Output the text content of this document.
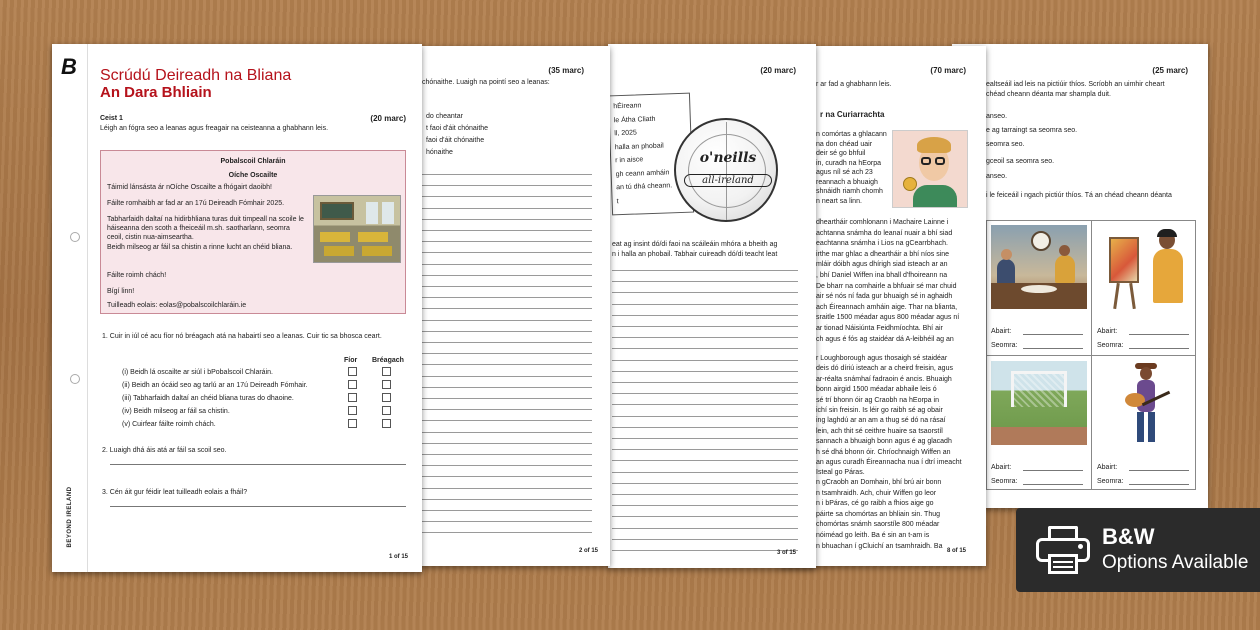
(25 marc)
ealtseáil iad leis na pictiúir thíos. Scríobh an uimhir cheart
chéad cheann déanta mar shampla duit.
anseo.
e ag tarraingt sa seomra seo.
seomra seo.
gceoil sa seomra seo.
anseo.
i le feiceáil i ngach pictiúr thíos. Tá an chéad cheann déanta
Abairt:
Seomra:
Abairt:
Seomra:
Abairt:
Seomra:
Abairt:
Seomra:
(70 marc)
r ar fad a ghabhann leis.
r na Curiarrachta
n comórtas a ghlacann
na don chéad uair
deir sé go bhfuil
in, curadh na hEorpa
agus níl sé ach 23
reannach a bhuaigh
shnáidh riamh chomh
n neart sa linn.
dheartháir comhlonann i Machaire Lainne i
achtanna snámha do leanaí nuair a bhí siad
eachtanna snámha i Lios na gCearrbhach.
irthe mar ghlac a dheartháir a bhí níos sine
mláir dóibh agus dhírigh siad isteach ar an
, bhí Daniel Wiffen ina bhall d'fhoireann na
De bharr na comhairle a bhfuair sé mar chuid
air sé nós ní fada gur bhuaigh sé in aghaidh
ach Éireannach amháin aige. Thar na blianta,
sraitle 1500 méadar agus 800 méadar agus ní
ar tionad Náisiúnta Feidhmíochta. Bhí air
ch agus é fós ag staidéar dá A-leibhéil ag an
r Loughborough agus thosaigh sé staidéar
deis dó díriú isteach ar a cheird freisin, agus
ar-réalta snámhaí fadraoin é ancis. Bhuaigh
bonn airgid 1500 méadar abhaile leis ó
sé trí bhonn óir ag Craobh na hEorpa in
ichí sin freisin. Is léir go raibh sé ag obair
ing laghdú ar an am a thug sé dó na rásaí
lein, ach thit sé ceithre huaire sa tsaorstíl
sannach a bhuaigh bonn agus é ag glacadh
h sé dhá bhonn óir. Chríochnaigh Wiffen an
an agus curadh Éireannacha nua í dtrí imeacht
Isteal go Páras.
n gCraobh an Domhain, bhí brú air bonn
n tsamhraidh. Ach, chuir Wiffen go leor
n i bPáras, cé go raibh a fhios aige go
páirte sa chomórtas an bhliain sin. Thug
chomórtas snámh saorstíle 800 méadar
nóiméad go leith. Ba é sin an t-am is
n bhuachan í gCluichí an tsamhraidh. Ba
8 of 15
(20 marc)
hÉireann
le Átha Cliath
ll, 2025
halla an phobail
r in aisce
gh ceann amháin
an tú dhá cheann.
t
o'neills
all-ireland
eat ag insint dó/di faoi na scáileáin mhóra a bheith ag
n i halla an phobail. Tabhair cuireadh dó/di teacht leat
3 of 15
(35 marc)
chónaithe. Luaigh na pointí seo a leanas:
do cheantar
t faoi d'áit chónaithe
faoi d'áit chónaithe
hónaithe
2 of 15
B
BEYOND IRELAND
Scrúdú Deireadh na Bliana
An Dara Bhliain
Ceist 1	(20 marc)
Léigh an fógra seo a leanas agus freagair na ceisteanna a ghabhann leis.
Pobalscoil Chlaráin
Oíche Oscailte
Táimid lánsásta ár nOíche Oscailte a fhógairt daoibh!
Fáilte romhaibh ar fad ar an 17ú Deireadh Fómhair 2025.
Tabharfaidh daltaí na hidirbhliana turas duit timpeall na scoile le háiseanna den scoth a fheiceáil m.sh. saotharlann, seomra ceoil, cistin nua-aimseartha.
Beidh milseog ar fáil sa chistin a rinne lucht an chéid bliana.
Fáilte roimh chách!
Bígí linn!
Tuilleadh eolais: eolas@pobalscoilchlaráin.ie
1. Cuir in iúl cé acu fíor nó bréagach atá na habairtí seo a leanas. Cuir tic sa bhosca ceart.
Fíor Bréagach
(i) Beidh lá oscailte ar siúl i bPobalscoil Chlaráin.
(ii) Beidh an ócáid seo ag tarlú ar an 17ú Deireadh Fómhair.
(iii) Tabharfaidh daltaí an chéid bliana turas do dhaoine.
(iv) Beidh milseog ar fáil sa chistin.
(v) Cuirfear fáilte roimh chách.
2. Luaigh dhá áis atá ar fáil sa scoil seo.
3. Cén áit gur féidir leat tuilleadh eolais a fháil?
1 of 15
B&W
Options Available
